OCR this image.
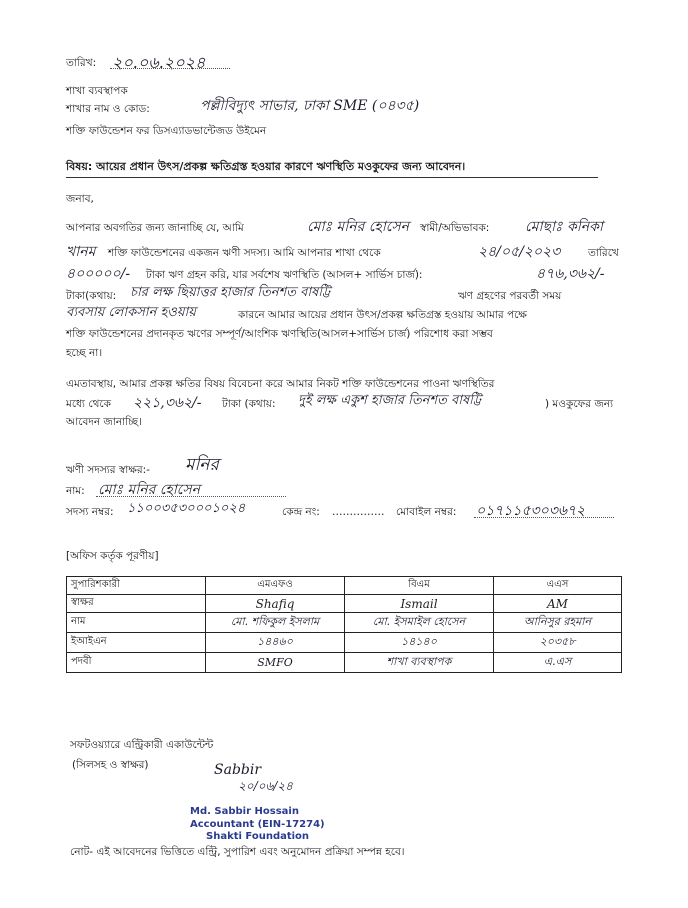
তারিখ: ২০.০৬.২০২৪
শাখা ব্যবস্থাপক
শাখার নাম ও কোড:	পল্লীবিদ্যুৎ সাভার, ঢাকা SME (০৪৩৫)
শক্তি ফাউন্ডেশন ফর ডিসএ্যাডভান্টেজড উইমেন
বিষয়: আয়ের প্রধান উৎস/প্রকল্প ক্ষতিগ্রস্ত হওয়ার কারণে ঋণস্থিতি মওকুফের জন্য আবেদন।
জনাব,
আপনার অবগতির জন্য জানাচ্ছি যে, আমি	মোঃ মনির হোসেন স্বামী/অভিভাবক:	মোছাঃ কনিকা
খানম শক্তি ফাউন্ডেশনের একজন ঋণী সদস্য। আমি আপনার শাখা থেকে	২৪/০৫/২০২৩	তারিখে
৪০০০০০/- টাকা ঋণ গ্রহন করি, যার সর্বশেষ ঋণস্থিতি (আসল+ সার্ভিস চার্জ):	৪৭৬,৩৬২/-
টাকা(কথায়: চার লক্ষ ছিয়াত্তর হাজার তিনশত বাষট্টি	ঋণ গ্রহণের পরবর্তী সময়
ব্যবসায় লোকসান হওয়ায়	কারনে আমার আয়ের প্রধান উৎস/প্রকল্প ক্ষতিগ্রস্ত হওয়ায় আমার পক্ষে
শক্তি ফাউন্ডেশনের প্রদানকৃত ঋণের সম্পূর্ণ/আংশিক ঋণস্থিতি(আসল+সার্ভিস চার্জ) পরিশোধ করা সম্ভব
হচ্ছে না।
এমতাবস্থায়, আমার প্রকল্প ক্ষতির বিষয় বিবেচনা করে আমার নিকট শক্তি ফাউন্ডেশনের পাওনা ঋণস্থিতির
মধ্যে থেকে ২২১,৩৬২/- টাকা (কথায়: দুই লক্ষ একুশ হাজার তিনশত বাষট্টি	) মওকুফের জন্য
আবেদন জানাচ্ছি।
ঋণী সদস্যর স্বাক্ষর:- মনির
নাম: মোঃ মনির হোসেন
সদস্য নম্বর: ১১০০৩৫৩০০০১০২৪	কেন্দ্র নং: …………… মোবাইল নম্বর: ০১৭১১৫৩০৩৬৭২
[অফিস কর্তৃক পূরণীয়]
সুপারিশকারী	এমএফও	বিএম	এএস
স্বাক্ষর	Shafiq	Ismail	AM
নাম	মো. শফিকুল ইসলাম	মো. ইসমাইল হোসেন	আনিসুর রহমান
ইআইএন	১৪৪৬০	১৪১৪০	২০৩৫৮
পদবী	SMFO	শাখা ব্যবস্থাপক	এ.এস
সফটওয়্যারে এন্ট্রিকারী একাউন্টেন্ট
(সিলসহ ও স্বাক্ষর)	Sabbir
২০/০৬/২৪
Md. Sabbir Hossain
Accountant (EIN-17274)
Shakti Foundation
নোট- এই আবেদনের ভিত্তিতে এন্ট্রি, সুপারিশ এবং অনুমোদন প্রক্রিয়া সম্পন্ন হবে।
